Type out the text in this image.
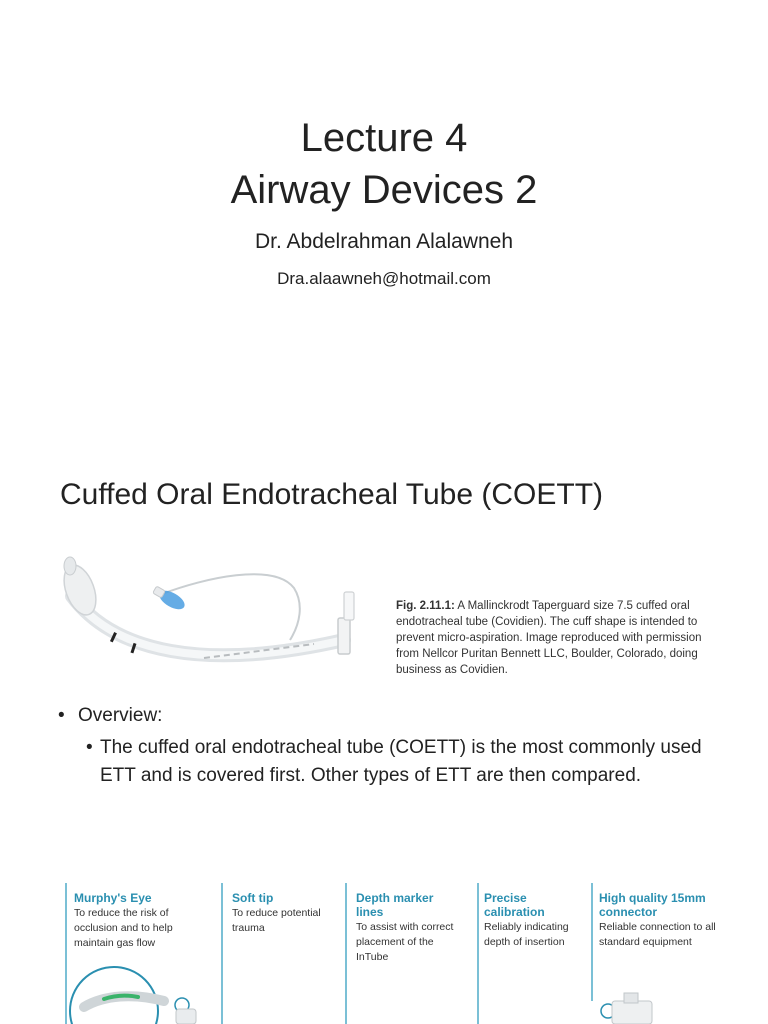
Lecture 4
Airway Devices 2
Dr. Abdelrahman Alalawneh
Dra.alaawneh@hotmail.com
Cuffed Oral Endotracheal Tube (COETT)
Fig. 2.11.1: A Mallinckrodt Taperguard size 7.5 cuffed oral endotracheal tube (Covidien). The cuff shape is intended to prevent micro-aspiration. Image reproduced with permission from Nellcor Puritan Bennett LLC, Boulder, Colorado, doing business as Covidien.
• Overview:
• The cuffed oral endotracheal tube (COETT) is the most commonly used ETT and is covered first. Other types of ETT are then compared.
Murphy's Eye
To reduce the risk of occlusion and to help maintain gas flow
Soft tip
To reduce potential trauma
Depth marker lines
To assist with correct placement of the InTube
Precise calibration
Reliably indicating depth of insertion
High quality 15mm connector
Reliable connection to all standard equipment
